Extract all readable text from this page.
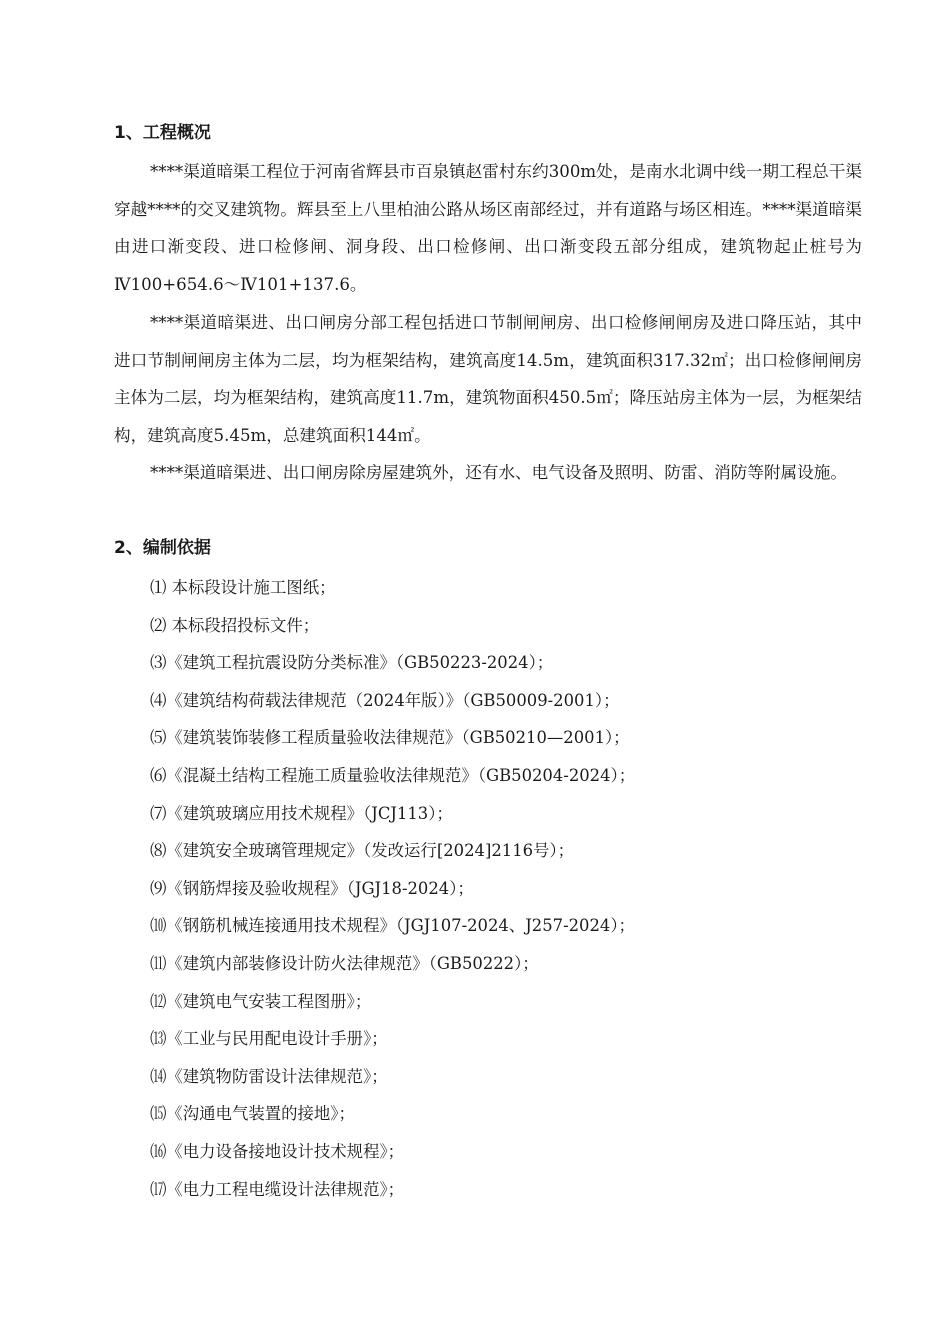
1、工程概况

****渠道暗渠工程位于河南省辉县市百泉镇赵雷村东约300m处，是南水北调中线一期工程总干渠穿越****的交叉建筑物。辉县至上八里柏油公路从场区南部经过，并有道路与场区相连。****渠道暗渠由进口渐变段、进口检修闸、洞身段、出口检修闸、出口渐变段五部分组成，建筑物起止桩号为Ⅳ100+654.6～Ⅳ101+137.6。

****渠道暗渠进、出口闸房分部工程包括进口节制闸闸房、出口检修闸闸房及进口降压站，其中进口节制闸闸房主体为二层，均为框架结构，建筑高度14.5m，建筑面积317.32㎡；出口检修闸闸房主体为二层，均为框架结构，建筑高度11.7m，建筑物面积450.5㎡；降压站房主体为一层，为框架结构，建筑高度5.45m，总建筑面积144㎡。

****渠道暗渠进、出口闸房除房屋建筑外，还有水、电气设备及照明、防雷、消防等附属设施。

2、编制依据
⑴ 本标段设计施工图纸；
⑵ 本标段招投标文件；
⑶《建筑工程抗震设防分类标准》（GB50223-2024）；
⑷《建筑结构荷载法律规范（2024年版）》（GB50009-2001）；
⑸《建筑装饰装修工程质量验收法律规范》（GB50210—2001）；
⑹《混凝土结构工程施工质量验收法律规范》（GB50204-2024）；
⑺《建筑玻璃应用技术规程》（JCJ113）；
⑻《建筑安全玻璃管理规定》（发改运行[2024]2116号）；
⑼《钢筋焊接及验收规程》（JGJ18-2024）；
⑽《钢筋机械连接通用技术规程》（JGJ107-2024、J257-2024）；
⑾《建筑内部装修设计防火法律规范》（GB50222）；
⑿《建筑电气安装工程图册》；
⒀《工业与民用配电设计手册》；
⒁《建筑物防雷设计法律规范》；
⒂《沟通电气装置的接地》；
⒃《电力设备接地设计技术规程》；
⒄《电力工程电缆设计法律规范》；
